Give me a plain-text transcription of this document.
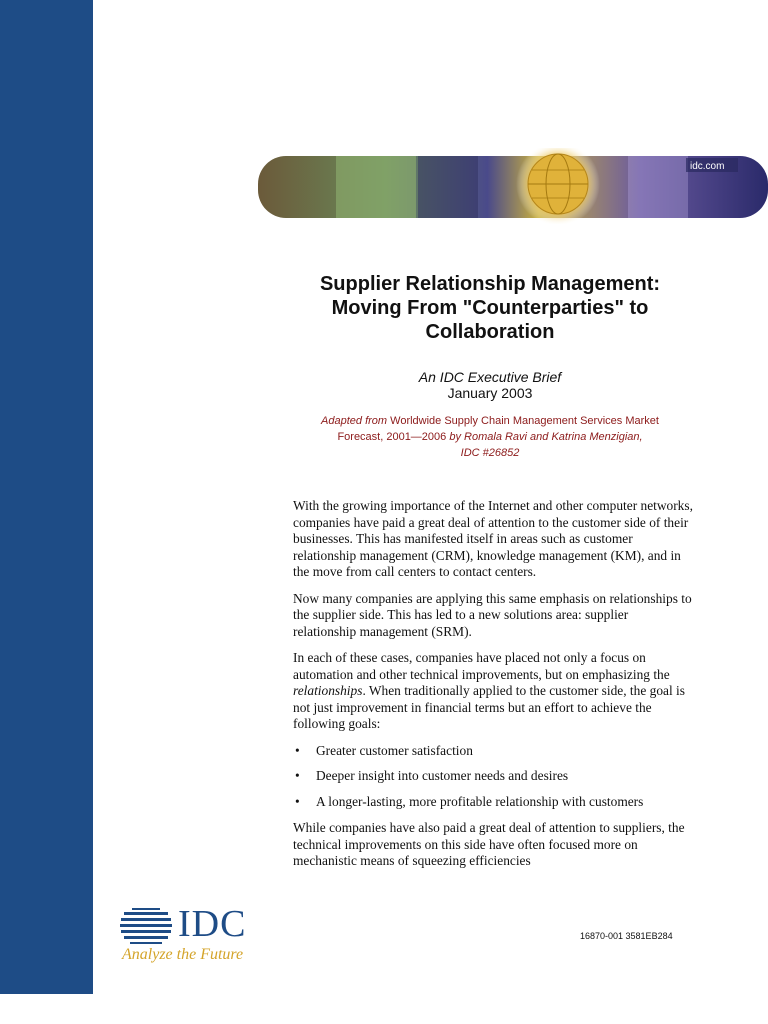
idc.com
Supplier Relationship Management:
Moving From "Counterparties" to
Collaboration
An IDC Executive Brief
January 2003
Adapted from Worldwide Supply Chain Management Services Market
Forecast, 2001—2006 by Romala Ravi and Katrina Menzigian,
IDC #26852

With the growing importance of the Internet and other computer networks, companies have paid a great deal of attention to the customer side of their businesses. This has manifested itself in areas such as customer relationship management (CRM), knowledge management (KM), and in the move from call centers to contact centers.

Now many companies are applying this same emphasis on relationships to the supplier side. This has led to a new solutions area: supplier relationship management (SRM).

In each of these cases, companies have placed not only a focus on automation and other technical improvements, but on emphasizing the relationships. When traditionally applied to the customer side, the goal is not just improvement in financial terms but an effort to achieve the following goals:

• Greater customer satisfaction
• Deeper insight into customer needs and desires
• A longer-lasting, more profitable relationship with customers

While companies have also paid a great deal of attention to suppliers, the technical improvements on this side have often focused more on mechanistic means of squeezing efficiencies

IDC
Analyze the Future
16870-001 3581EB284
